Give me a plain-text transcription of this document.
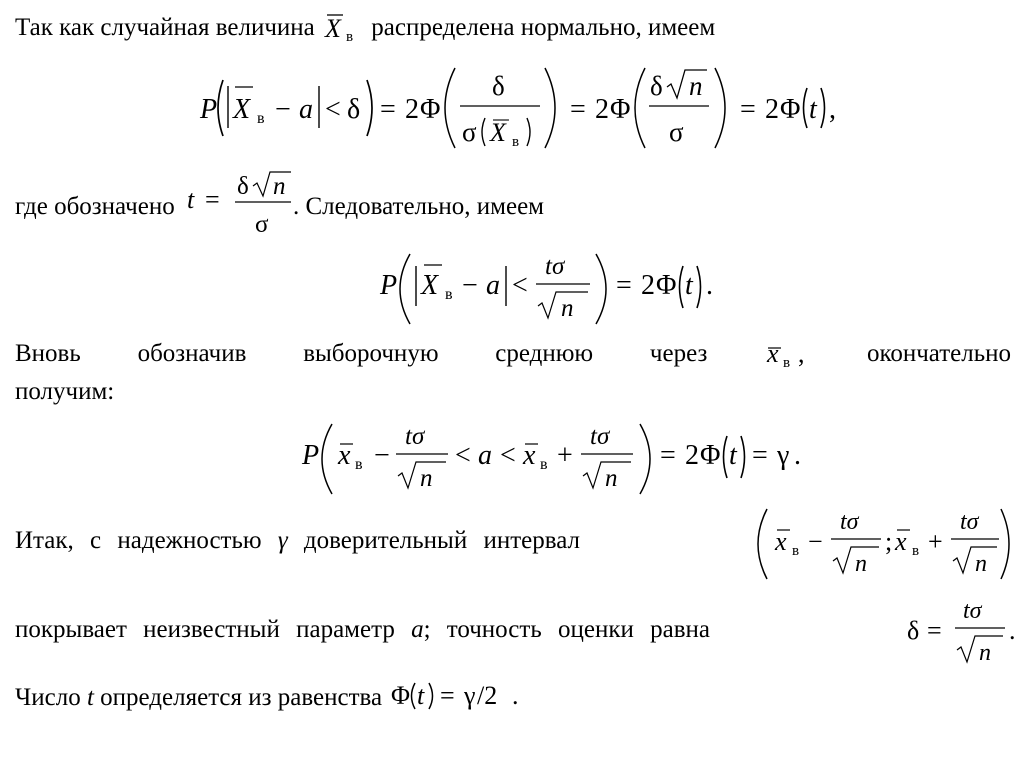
Так как случайная величина X в распределена нормально, имеем
P X в − a < δ = 2 Φ
δ
σ X в
= 2 Φ
δ n
σ
= 2 Φ t ,
где обозначено t = δ n
σ
. Следовательно, имеем
P X в − a <
tσ
n
= 2 Φ t .
Вновь обозначив выборочную среднюю через x в , окончательно
получим:
P x в −
tσ
n
< a < x в +
tσ
n
= 2 Φ t = γ .
Итак, с надежностью γ доверительный интервал	x в −
tσ
n
; x в +
tσ
n
покрывает неизвестный параметр a; точность оценки равна	δ =
tσ
n
.
Число t определяется из равенства Φ t = γ /2 .
